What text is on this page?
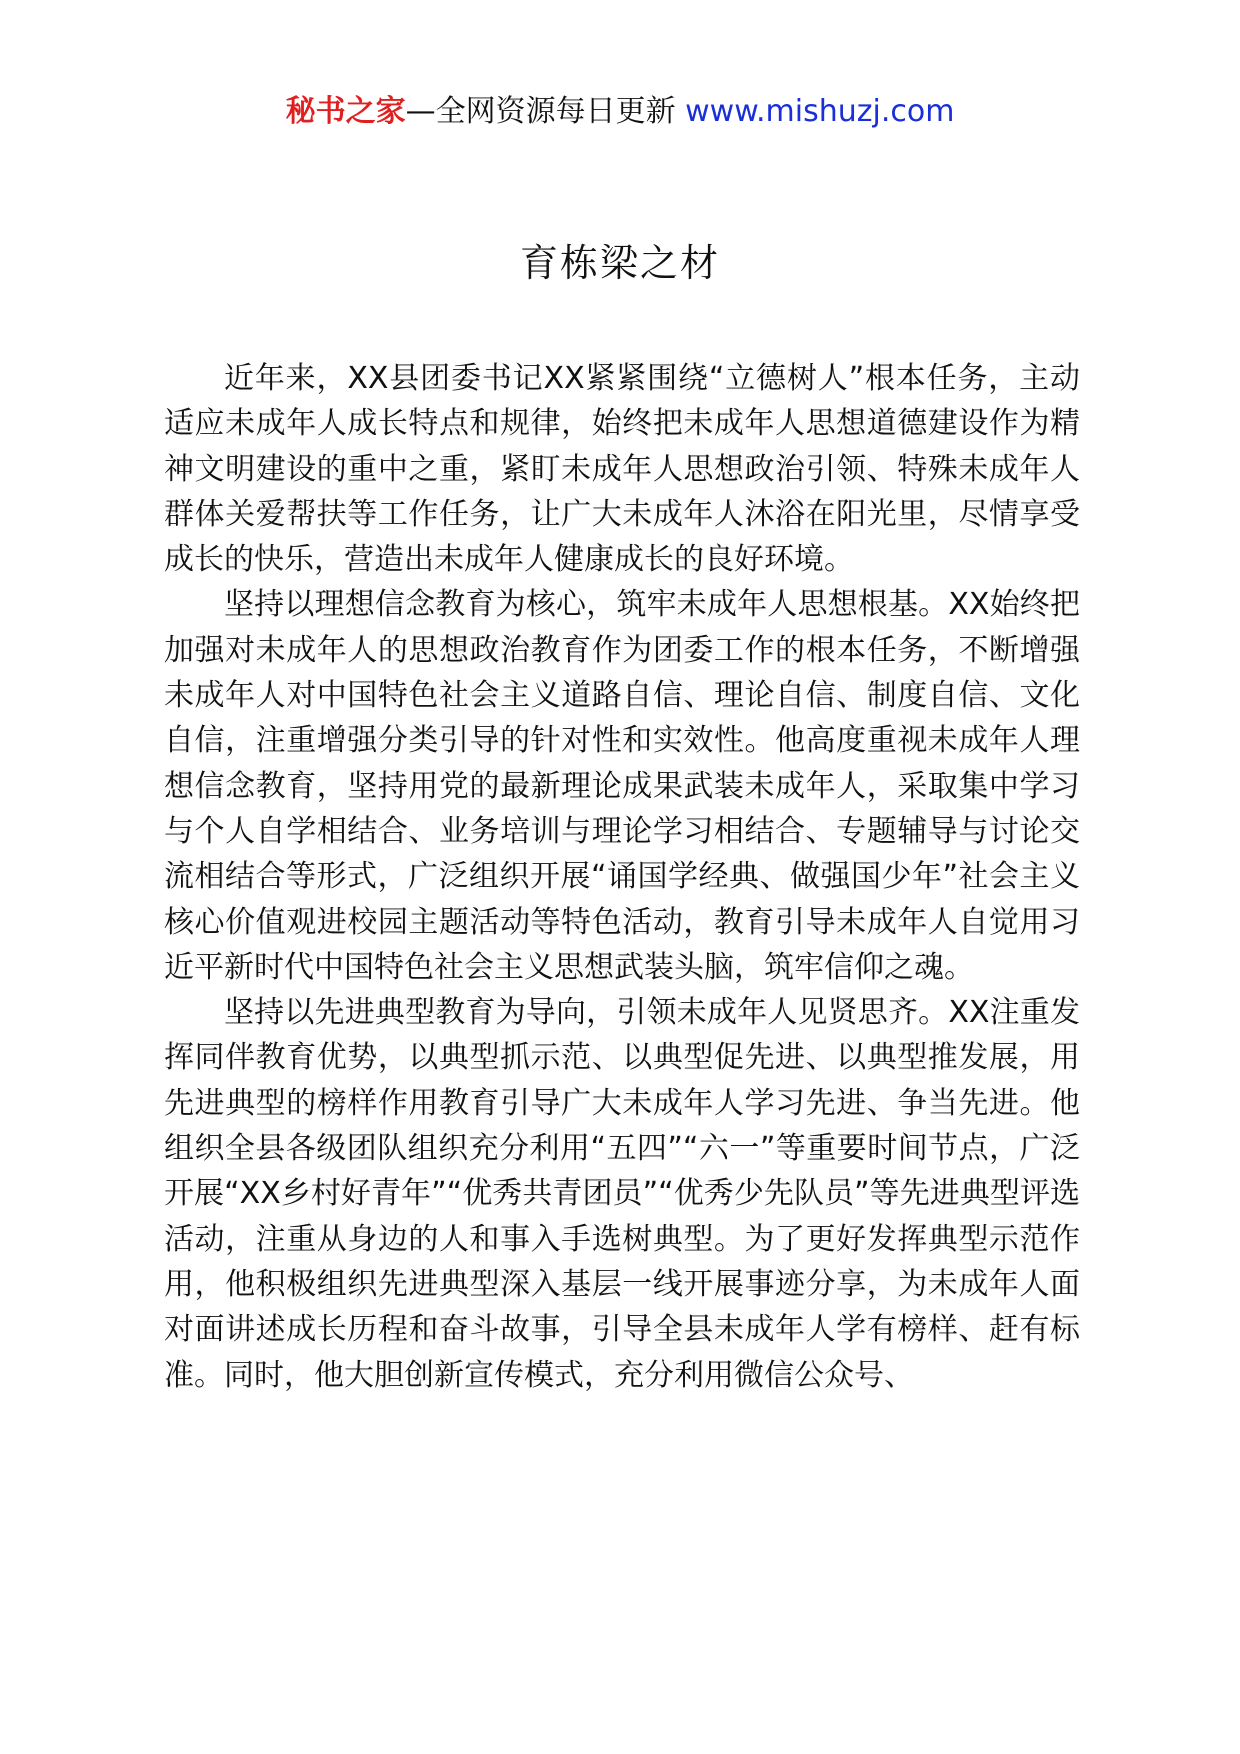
秘书之家—全网资源每日更新 www.mishuzj.com
育栋梁之材

近年来，XX县团委书记XX紧紧围绕“立德树人”根本任务，主动适应未成年人成长特点和规律，始终把未成年人思想道德建设作为精神文明建设的重中之重，紧盯未成年人思想政治引领、特殊未成年人群体关爱帮扶等工作任务，让广大未成年人沐浴在阳光里，尽情享受成长的快乐，营造出未成年人健康成长的良好环境。

坚持以理想信念教育为核心，筑牢未成年人思想根基。XX始终把加强对未成年人的思想政治教育作为团委工作的根本任务，不断增强未成年人对中国特色社会主义道路自信、理论自信、制度自信、文化自信，注重增强分类引导的针对性和实效性。他高度重视未成年人理想信念教育，坚持用党的最新理论成果武装未成年人，采取集中学习与个人自学相结合、业务培训与理论学习相结合、专题辅导与讨论交流相结合等形式，广泛组织开展“诵国学经典、做强国少年”社会主义核心价值观进校园主题活动等特色活动，教育引导未成年人自觉用习近平新时代中国特色社会主义思想武装头脑，筑牢信仰之魂。

坚持以先进典型教育为导向，引领未成年人见贤思齐。XX注重发挥同伴教育优势，以典型抓示范、以典型促先进、以典型推发展，用先进典型的榜样作用教育引导广大未成年人学习先进、争当先进。他组织全县各级团队组织充分利用“五四”“六一”等重要时间节点，广泛开展“XX乡村好青年”“优秀共青团员”“优秀少先队员”等先进典型评选活动，注重从身边的人和事入手选树典型。为了更好发挥典型示范作用，他积极组织先进典型深入基层一线开展事迹分享，为未成年人面对面讲述成长历程和奋斗故事，引导全县未成年人学有榜样、赶有标准。同时，他大胆创新宣传模式，充分利用微信公众号、
